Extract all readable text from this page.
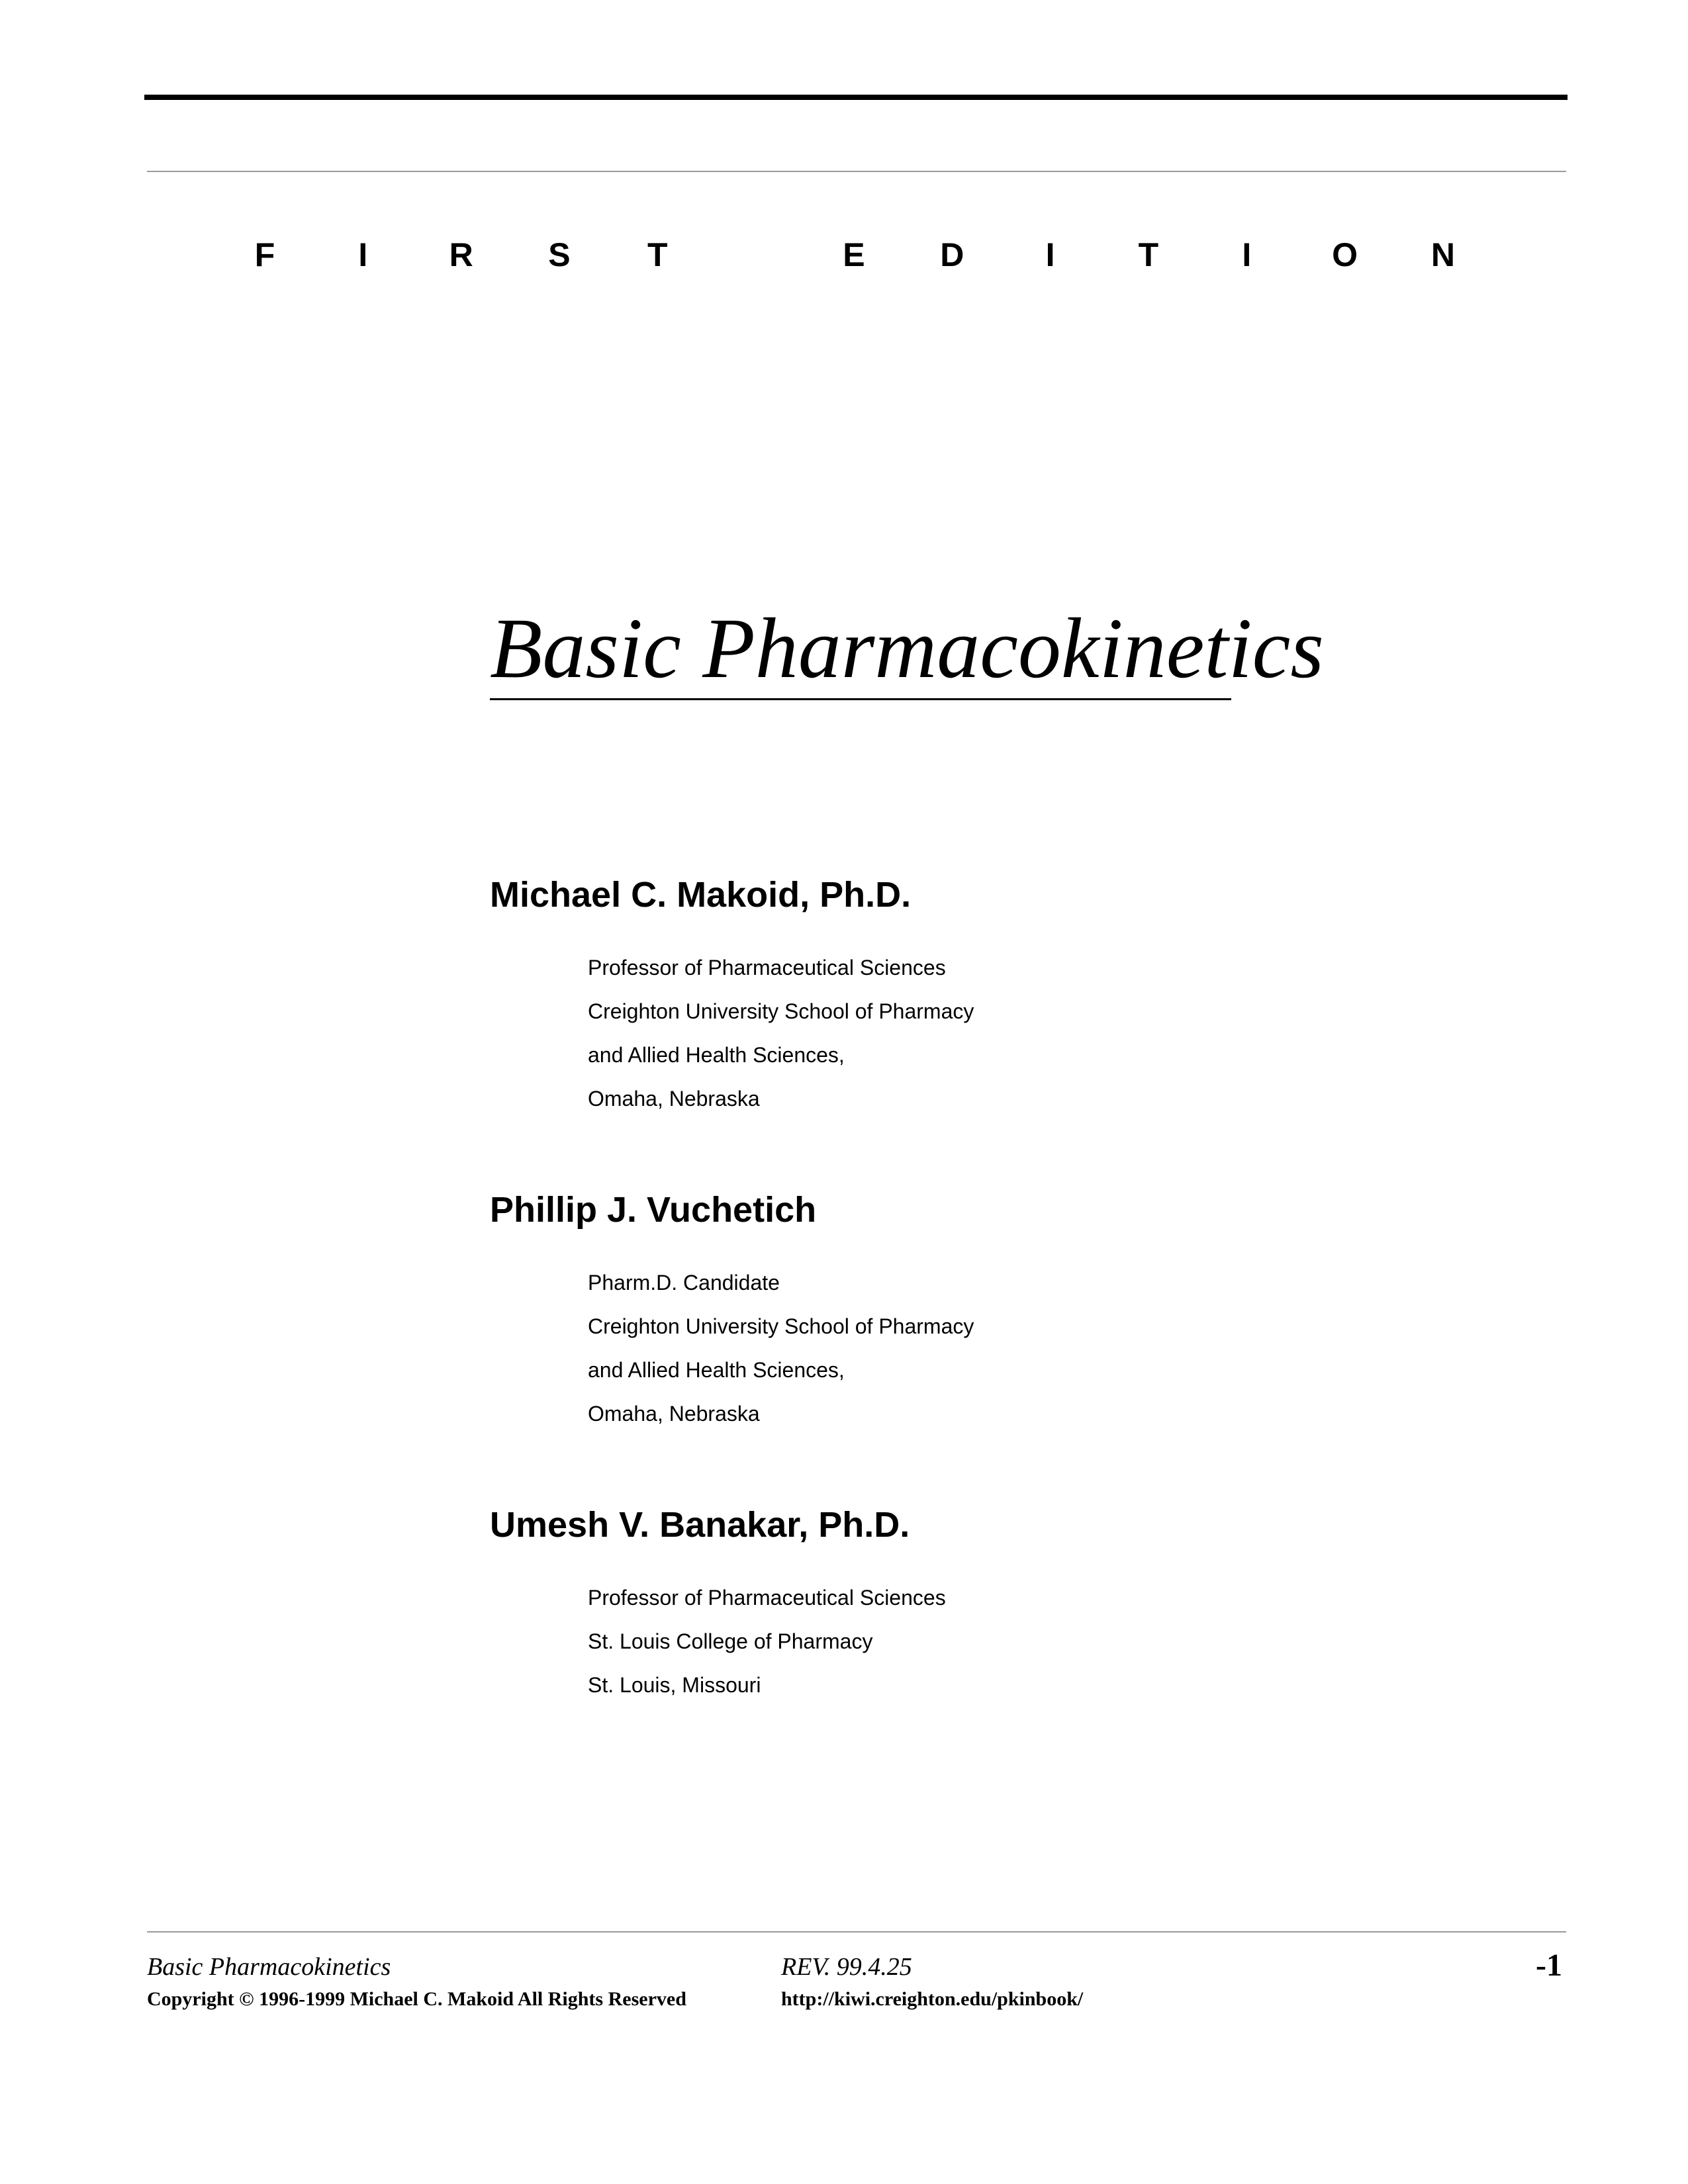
F	I	R S T	E D	I	T	I	O N
Basic Pharmacokinetics
Michael C. Makoid, Ph.D.
Professor of Pharmaceutical Sciences
Creighton University School of Pharmacy
and Allied Health Sciences,
Omaha, Nebraska
Phillip J. Vuchetich
Pharm.D. Candidate
Creighton University School of Pharmacy
and Allied Health Sciences,
Omaha, Nebraska
Umesh V. Banakar, Ph.D.
Professor of Pharmaceutical Sciences
St. Louis College of Pharmacy
St. Louis, Missouri
Basic Pharmacokinetics	REV. 99.4.25	-1
Copyright © 1996-1999 Michael C. Makoid All Rights Reserved	http://kiwi.creighton.edu/pkinbook/
